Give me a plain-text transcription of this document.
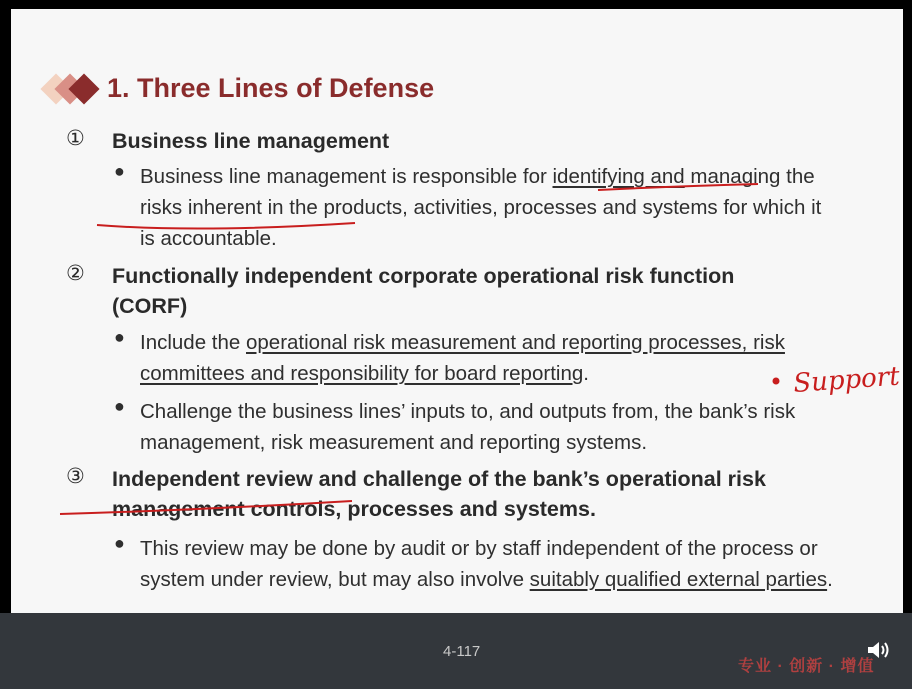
1. Three Lines of Defense
① Business line management
● Business line management is responsible for identifying and managing the risks inherent in the products, activities, processes and systems for which it is accountable.
② Functionally independent corporate operational risk function (CORF)
● Include the operational risk measurement and reporting processes, risk committees and responsibility for board reporting.
● Challenge the business lines’ inputs to, and outputs from, the bank’s risk management, risk measurement and reporting systems.
③ Independent review and challenge of the bank’s operational risk management controls, processes and systems.
● This review may be done by audit or by staff independent of the process or system under review, but may also involve suitably qualified external parties.
Support
4-117
专业 · 创新 · 增值
